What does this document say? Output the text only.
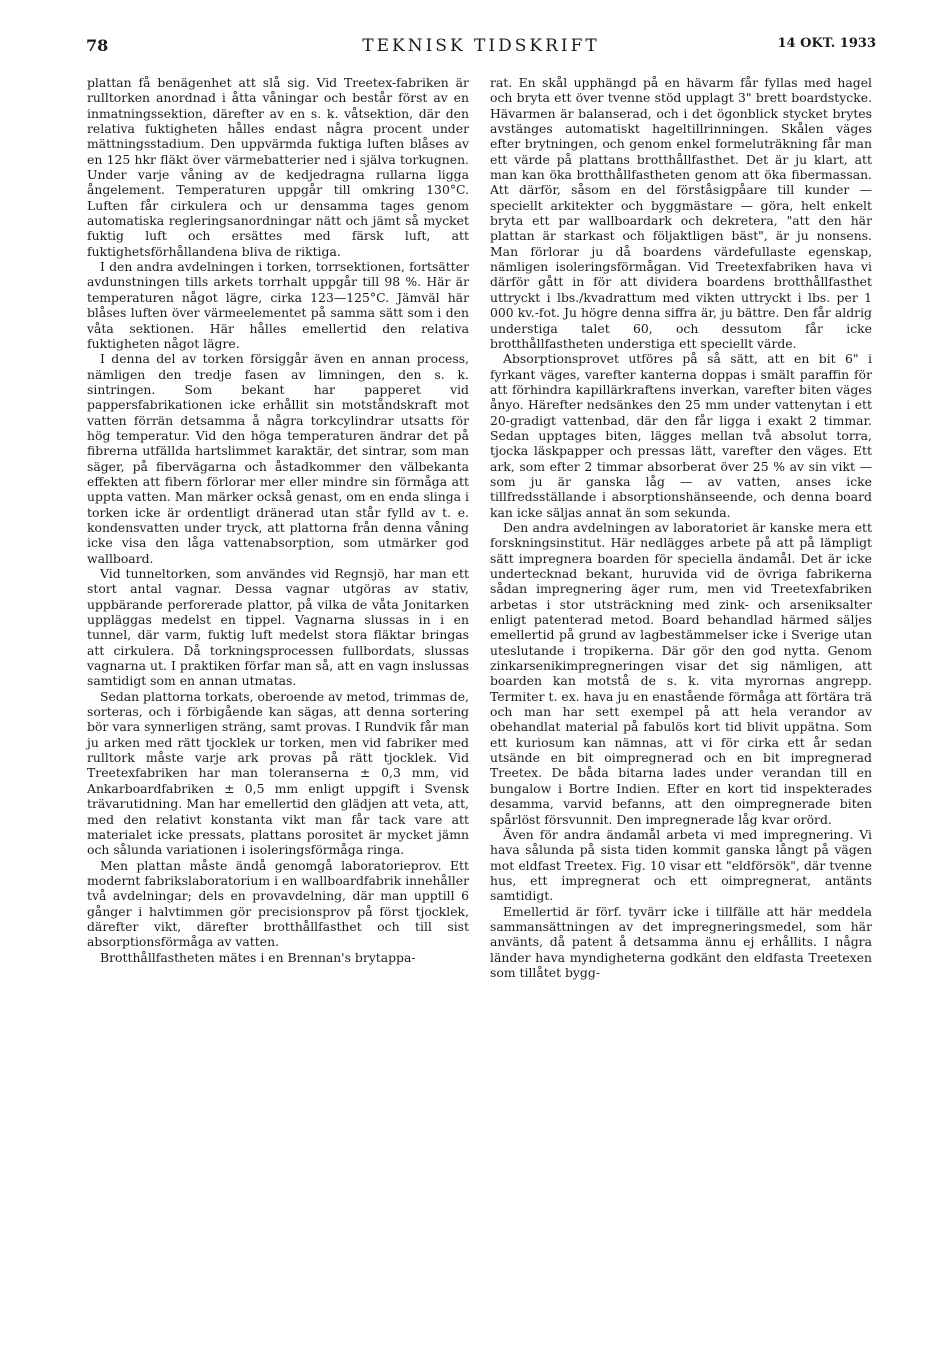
78	TEKNISK TIDSKRIFT	14 OKT. 1933

plattan få benägenhet att slå sig. Vid Treetex-fabriken är rulltorken anordnad i åtta våningar och består först av en inmatningssektion, därefter av en s. k. våtsektion, där den relativa fuktigheten hålles endast några procent under mättningsstadium. Den uppvärmda fuktiga luften blåses av en 125 hkr fläkt över värmebatterier ned i själva torkugnen. Under varje våning av de kedjedragna rullarna ligga ångelement. Temperaturen uppgår till omkring 130°C. Luften får cirkulera och ur densamma tages genom automatiska regleringsanordningar nätt och jämt så mycket fuktig luft och ersättes med färsk luft, att fuktighetsförhållandena bliva de riktiga.

I den andra avdelningen i torken, torrsektionen, fortsätter avdunstningen tills arkets torrhalt uppgår till 98 %. Här är temperaturen något lägre, cirka 123—125°C. Jämväl här blåses luften över värmeelementet på samma sätt som i den våta sektionen. Här hålles emellertid den relativa fuktigheten något lägre.

I denna del av torken försiggår även en annan process, nämligen den tredje fasen av limningen, den s. k. sintringen. Som bekant har papperet vid pappersfabrikationen icke erhållit sin motståndskraft mot vatten förrän detsamma å några torkcylindrar utsatts för hög temperatur. Vid den höga temperaturen ändrar det på fibrerna utfällda hartslimmet karaktär, det sintrar, som man säger, på fibervägarna och åstadkommer den välbekanta effekten att fibern förlorar mer eller mindre sin förmåga att uppta vatten. Man märker också genast, om en enda slinga i torken icke är ordentligt dränerad utan står fylld av t. e. kondensvatten under tryck, att plattorna från denna våning icke visa den låga vattenabsorption, som utmärker god wallboard.

Vid tunneltorken, som användes vid Regnsjö, har man ett stort antal vagnar. Dessa vagnar utgöras av stativ, uppbärande perforerade plattor, på vilka de våta Jonitarken uppläggas medelst en tippel. Vagnarna slussas in i en tunnel, där varm, fuktig luft medelst stora fläktar bringas att cirkulera. Då torkningsprocessen fullbordats, slussas vagnarna ut. I praktiken förfar man så, att en vagn inslussas samtidigt som en annan utmatas.

Sedan plattorna torkats, oberoende av metod, trimmas de, sorteras, och i förbigående kan sägas, att denna sortering bör vara synnerligen sträng, samt provas. I Rundvik får man ju arken med rätt tjocklek ur torken, men vid fabriker med rulltork måste varje ark provas på rätt tjocklek. Vid Treetexfabriken har man toleranserna ± 0,3 mm, vid Ankarboardfabriken ± 0,5 mm enligt uppgift i Svensk trävarutidning. Man har emellertid den glädjen att veta, att, med den relativt konstanta vikt man får tack vare att materialet icke pressats, plattans porositet är mycket jämn och sålunda variationen i isoleringsförmåga ringa.

Men plattan måste ändå genomgå laboratorieprov. Ett modernt fabrikslaboratorium i en wallboardfabrik innehåller två avdelningar; dels en provavdelning, där man upptill 6 gånger i halvtimmen gör precisionsprov på först tjocklek, därefter vikt, därefter brotthållfasthet och till sist absorptionsförmåga av vatten.

Brotthållfastheten mätes i en Brennan's brytappa-

rat. En skål upphängd på en hävarm får fyllas med hagel och bryta ett över tvenne stöd upplagt 3" brett boardstycke. Hävarmen är balanserad, och i det ögonblick stycket brytes avstänges automatiskt hageltillrinningen. Skålen väges efter brytningen, och genom enkel formeluträkning får man ett värde på plattans brotthållfasthet. Det är ju klart, att man kan öka brotthållfastheten genom att öka fibermassan. Att därför, såsom en del förståsigpåare till kunder — speciellt arkitekter och byggmästare — göra, helt enkelt bryta ett par wallboardark och dekretera, "att den här plattan är starkast och följaktligen bäst", är ju nonsens. Man förlorar ju då boardens värdefullaste egenskap, nämligen isoleringsförmågan. Vid Treetexfabriken hava vi därför gått in för att dividera boardens brotthållfasthet uttryckt i lbs./kvadrattum med vikten uttryckt i lbs. per 1 000 kv.-fot. Ju högre denna siffra är, ju bättre. Den får aldrig understiga talet 60, och dessutom får icke brotthållfastheten understiga ett speciellt värde.

Absorptionsprovet utföres på så sätt, att en bit 6" i fyrkant väges, varefter kanterna doppas i smält paraffin för att förhindra kapillärkraftens inverkan, varefter biten väges ånyo. Härefter nedsänkes den 25 mm under vattenytan i ett 20-gradigt vattenbad, där den får ligga i exakt 2 timmar. Sedan upptages biten, lägges mellan två absolut torra, tjocka läskpapper och pressas lätt, varefter den väges. Ett ark, som efter 2 timmar absorberat över 25 % av sin vikt — som ju är ganska låg — av vatten, anses icke tillfredsställande i absorptionshänseende, och denna board kan icke säljas annat än som sekunda.

Den andra avdelningen av laboratoriet är kanske mera ett forskningsinstitut. Här nedlägges arbete på att på lämpligt sätt impregnera boarden för speciella ändamål. Det är icke undertecknad bekant, huruvida vid de övriga fabrikerna sådan impregnering äger rum, men vid Treetexfabriken arbetas i stor utsträckning med zink- och arseniksalter enligt patenterad metod. Board behandlad härmed säljes emellertid på grund av lagbestämmelser icke i Sverige utan uteslutande i tropikerna. Där gör den god nytta. Genom zinkarsenikimpregneringen visar det sig nämligen, att boarden kan motstå de s. k. vita myrornas angrepp. Termiter t. ex. hava ju en enastående förmåga att förtära trä och man har sett exempel på att hela verandor av obehandlat material på fabulös kort tid blivit uppätna. Som ett kuriosum kan nämnas, att vi för cirka ett år sedan utsände en bit oimpregnerad och en bit impregnerad Treetex. De båda bitarna lades under verandan till en bungalow i Bortre Indien. Efter en kort tid inspekterades desamma, varvid befanns, att den oimpregnerade biten spårlöst försvunnit. Den impregnerade låg kvar orörd.

Även för andra ändamål arbeta vi med impregnering. Vi hava sålunda på sista tiden kommit ganska långt på vägen mot eldfast Treetex. Fig. 10 visar ett "eldförsök", där tvenne hus, ett impregnerat och ett oimpregnerat, antänts samtidigt.

Emellertid är förf. tyvärr icke i tillfälle att här meddela sammansättningen av det impregneringsmedel, som här använts, då patent å detsamma ännu ej erhållits. I några länder hava myndigheterna godkänt den eldfasta Treetexen som tillåtet bygg-
